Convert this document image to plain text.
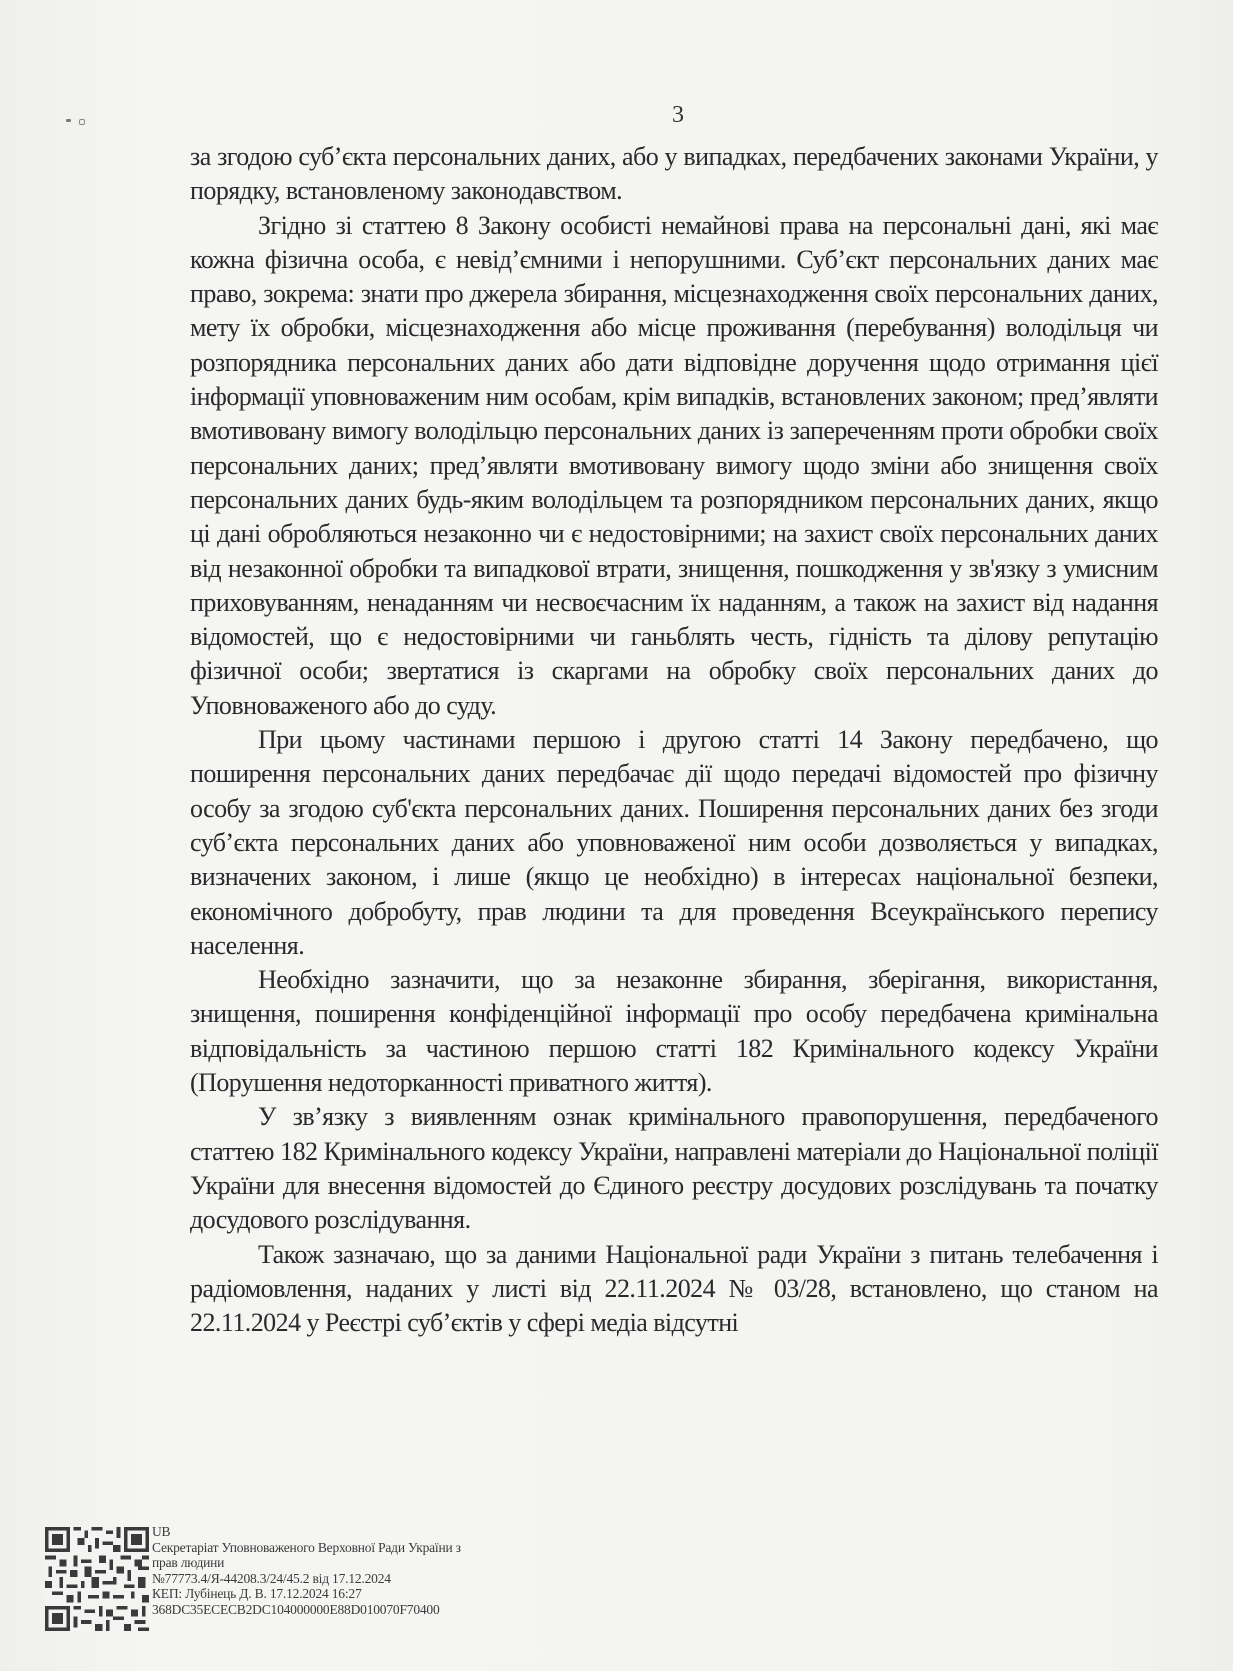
3

за згодою суб’єкта персональних даних, або у випадках, передбачених законами України, у порядку, встановленому законодавством.

Згідно зі статтею 8 Закону особисті немайнові права на персональні дані, які має кожна фізична особа, є невід’ємними і непорушними. Суб’єкт персональних даних має право, зокрема: знати про джерела збирання, місцезнаходження своїх персональних даних, мету їх обробки, місцезнаходження або місце проживання (перебування) володільця чи розпорядника персональних даних або дати відповідне доручення щодо отримання цієї інформації уповноваженим ним особам, крім випадків, встановлених законом; пред’являти вмотивовану вимогу володільцю персональних даних із запереченням проти обробки своїх персональних даних; пред’являти вмотивовану вимогу щодо зміни або знищення своїх персональних даних будь-яким володільцем та розпорядником персональних даних, якщо ці дані обробляються незаконно чи є недостовірними; на захист своїх персональних даних від незаконної обробки та випадкової втрати, знищення, пошкодження у зв'язку з умисним приховуванням, ненаданням чи несвоєчасним їх наданням, а також на захист від надання відомостей, що є недостовірними чи ганьблять честь, гідність та ділову репутацію фізичної особи; звертатися із скаргами на обробку своїх персональних даних до Уповноваженого або до суду.

При цьому частинами першою і другою статті 14 Закону передбачено, що поширення персональних даних передбачає дії щодо передачі відомостей про фізичну особу за згодою суб'єкта персональних даних. Поширення персональних даних без згоди суб’єкта персональних даних або уповноваженої ним особи дозволяється у випадках, визначених законом, і лише (якщо це необхідно) в інтересах національної безпеки, економічного добробуту, прав людини та для проведення Всеукраїнського перепису населення.

Необхідно зазначити, що за незаконне збирання, зберігання, використання, знищення, поширення конфіденційної інформації про особу передбачена кримінальна відповідальність за частиною першою статті 182 Кримінального кодексу України (Порушення недоторканності приватного життя).

У зв’язку з виявленням ознак кримінального правопорушення, передбаченого статтею 182 Кримінального кодексу України, направлені матеріали до Національної поліції України для внесення відомостей до Єдиного реєстру досудових розслідувань та початку досудового розслідування.

Також зазначаю, що за даними Національної ради України з питань телебачення і радіомовлення, наданих у листі від 22.11.2024 № 03/28, встановлено, що станом на 22.11.2024 у Реєстрі суб’єктів у сфері медіа відсутні

UB
Секретаріат Уповноваженого Верховної Ради України з
прав людини
№77773.4/Я-44208.3/24/45.2 від 17.12.2024
КЕП: Лубінець Д. В. 17.12.2024 16:27
368DC35ECECB2DC104000000E88D010070F70400
